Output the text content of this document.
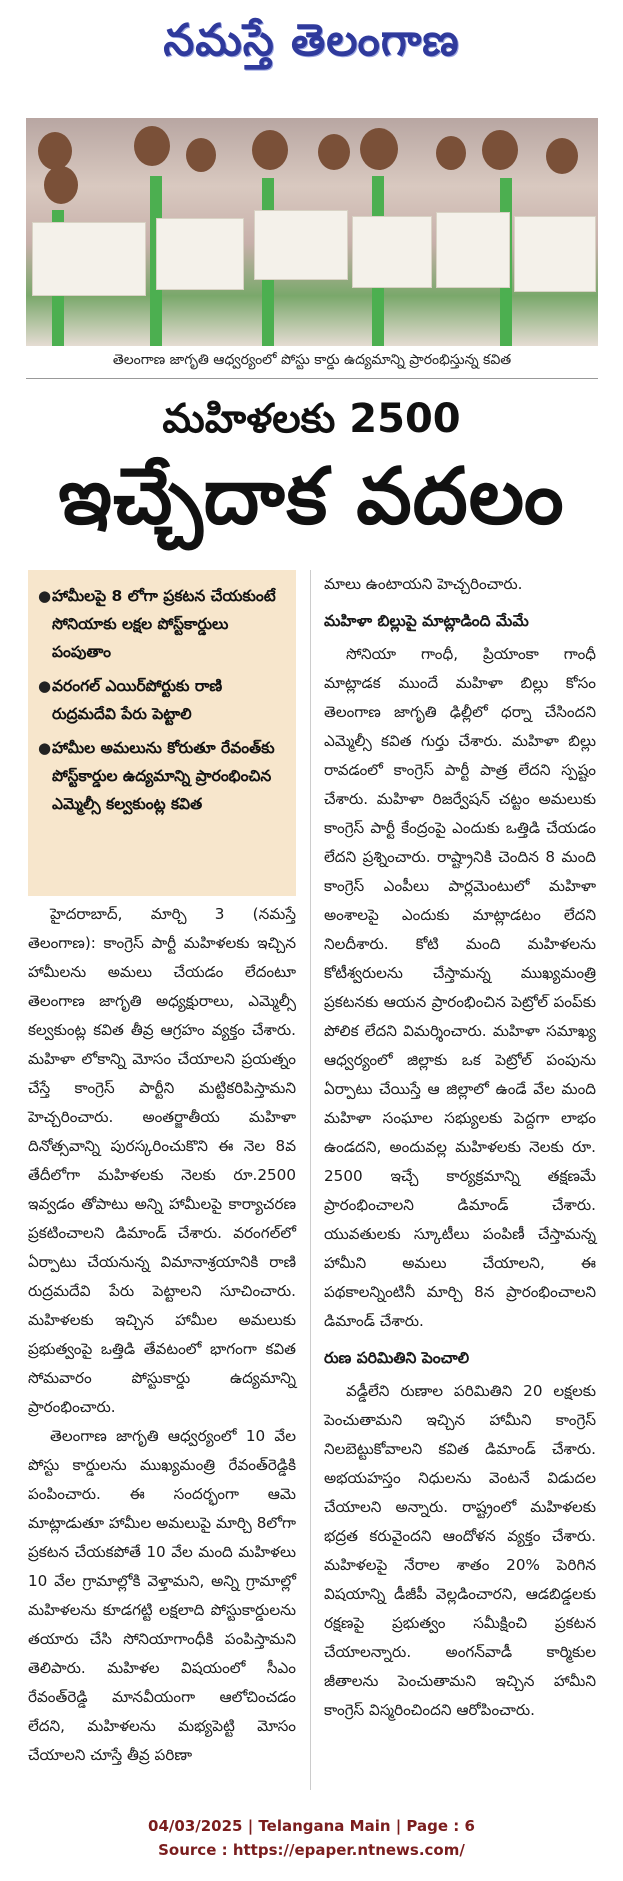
నమస్తే తెలంగాణ
తెలంగాణ జాగృతి ఆధ్వర్యంలో పోస్టు కార్డు ఉద్యమాన్ని ప్రారంభిస్తున్న కవిత
మహిళలకు 2500
ఇచ్చేదాక వదలం
● హామీలపై 8 లోగా ప్రకటన చేయకుంటే సోనియాకు లక్షల పోస్ట్‌కార్డులు పంపుతాం
● వరంగల్ ఎయిర్‌పోర్టుకు రాణి రుద్రమదేవి పేరు పెట్టాలి
● హామీల అమలును కోరుతూ రేవంత్‌కు పోస్ట్‌కార్డుల ఉద్యమాన్ని ప్రారంభించిన ఎమ్మెల్సీ కల్వకుంట్ల కవిత

హైదరాబాద్, మార్చి 3 (నమస్తే తెలంగాణ): కాంగ్రెస్ పార్టీ మహిళలకు ఇచ్చిన హామీలను అమలు చేయడం లేదంటూ తెలంగాణ జాగృతి అధ్యక్షురాలు, ఎమ్మెల్సీ కల్వకుంట్ల కవిత తీవ్ర ఆగ్రహం వ్యక్తం చేశారు. మహిళా లోకాన్ని మోసం చేయాలని ప్రయత్నం చేస్తే కాంగ్రెస్ పార్టీని మట్టికరిపిస్తామని హెచ్చరించారు. అంతర్జాతీయ మహిళా దినోత్సవాన్ని పురస్కరించుకొని ఈ నెల 8వ తేదీలోగా మహిళలకు నెలకు రూ.2500 ఇవ్వడం తోపాటు అన్ని హామీలపై కార్యాచరణ ప్రకటించాలని డిమాండ్ చేశారు. వరంగల్‌లో ఏర్పాటు చేయనున్న విమానాశ్రయానికి రాణి రుద్రమదేవి పేరు పెట్టాలని సూచించారు. మహిళలకు ఇచ్చిన హామీల అమలుకు ప్రభుత్వంపై ఒత్తిడి తేవటంలో భాగంగా కవిత సోమవారం పోస్టుకార్డు ఉద్యమాన్ని ప్రారంభించారు.

తెలంగాణ జాగృతి ఆధ్వర్యంలో 10 వేల పోస్టు కార్డులను ముఖ్యమంత్రి రేవంత్‌రెడ్డికి పంపించారు. ఈ సందర్భంగా ఆమె మాట్లాడుతూ హామీల అమలుపై మార్చి 8లోగా ప్రకటన చేయకపోతే 10 వేల మంది మహిళలు 10 వేల గ్రామాల్లోకి వెళ్తామని, అన్ని గ్రామాల్లో మహిళలను కూడగట్టి లక్షలాది పోస్టుకార్డులను తయారు చేసి సోనియాగాంధీకి పంపిస్తామని తెలిపారు. మహిళల విషయంలో సీఎం రేవంత్‌రెడ్డి మానవీయంగా ఆలోచించడం లేదని, మహిళలను మభ్యపెట్టి మోసం చేయాలని చూస్తే తీవ్ర పరిణా

మాలు ఉంటాయని హెచ్చరించారు.

మహిళా బిల్లుపై మాట్లాడింది మేమే

సోనియా గాంధీ, ప్రియాంకా గాంధీ మాట్లాడక ముందే మహిళా బిల్లు కోసం తెలంగాణ జాగృతి ఢిల్లీలో ధర్నా చేసిందని ఎమ్మెల్సీ కవిత గుర్తు చేశారు. మహిళా బిల్లు రావడంలో కాంగ్రెస్ పార్టీ పాత్ర లేదని స్పష్టం చేశారు. మహిళా రిజర్వేషన్ చట్టం అమలుకు కాంగ్రెస్ పార్టీ కేంద్రంపై ఎందుకు ఒత్తిడి చేయడం లేదని ప్రశ్నించారు. రాష్ట్రానికి చెందిన 8 మంది కాంగ్రెస్ ఎంపీలు పార్లమెంటులో మహిళా అంశాలపై ఎందుకు మాట్లాడటం లేదని నిలదీశారు. కోటి మంది మహిళలను కోటీశ్వరులను చేస్తామన్న ముఖ్యమంత్రి ప్రకటనకు ఆయన ప్రారంభించిన పెట్రోల్ పంప్‌కు పోలిక లేదని విమర్శించారు. మహిళా సమాఖ్య ఆధ్వర్యంలో జిల్లాకు ఒక పెట్రోల్ పంపును ఏర్పాటు చేయిస్తే ఆ జిల్లాలో ఉండే వేల మంది మహిళా సంఘాల సభ్యులకు పెద్దగా లాభం ఉండదని, అందువల్ల మహిళలకు నెలకు రూ. 2500 ఇచ్చే కార్యక్రమాన్ని తక్షణమే ప్రారంభించాలని డిమాండ్ చేశారు. యువతులకు స్కూటీలు పంపిణీ చేస్తామన్న హామీని అమలు చేయాలని, ఈ పథకాలన్నింటినీ మార్చి 8న ప్రారంభించాలని డిమాండ్ చేశారు.

రుణ పరిమితిని పెంచాలి

వడ్డీలేని రుణాల పరిమితిని 20 లక్షలకు పెంచుతామని ఇచ్చిన హామీని కాంగ్రెస్ నిలబెట్టుకోవాలని కవిత డిమాండ్ చేశారు. అభయహస్తం నిధులను వెంటనే విడుదల చేయాలని అన్నారు. రాష్ట్రంలో మహిళలకు భద్రత కరువైందని ఆందోళన వ్యక్తం చేశారు. మహిళలపై నేరాల శాతం 20% పెరిగిన విషయాన్ని డీజీపీ వెల్లడించారని, ఆడబిడ్డలకు రక్షణపై ప్రభుత్వం సమీక్షించి ప్రకటన చేయాలన్నారు. అంగన్‌వాడీ కార్మికుల జీతాలను పెంచుతామని ఇచ్చిన హామీని కాంగ్రెస్ విస్మరించిందని ఆరోపించారు.

04/03/2025 | Telangana Main | Page : 6
Source : https://epaper.ntnews.com/
